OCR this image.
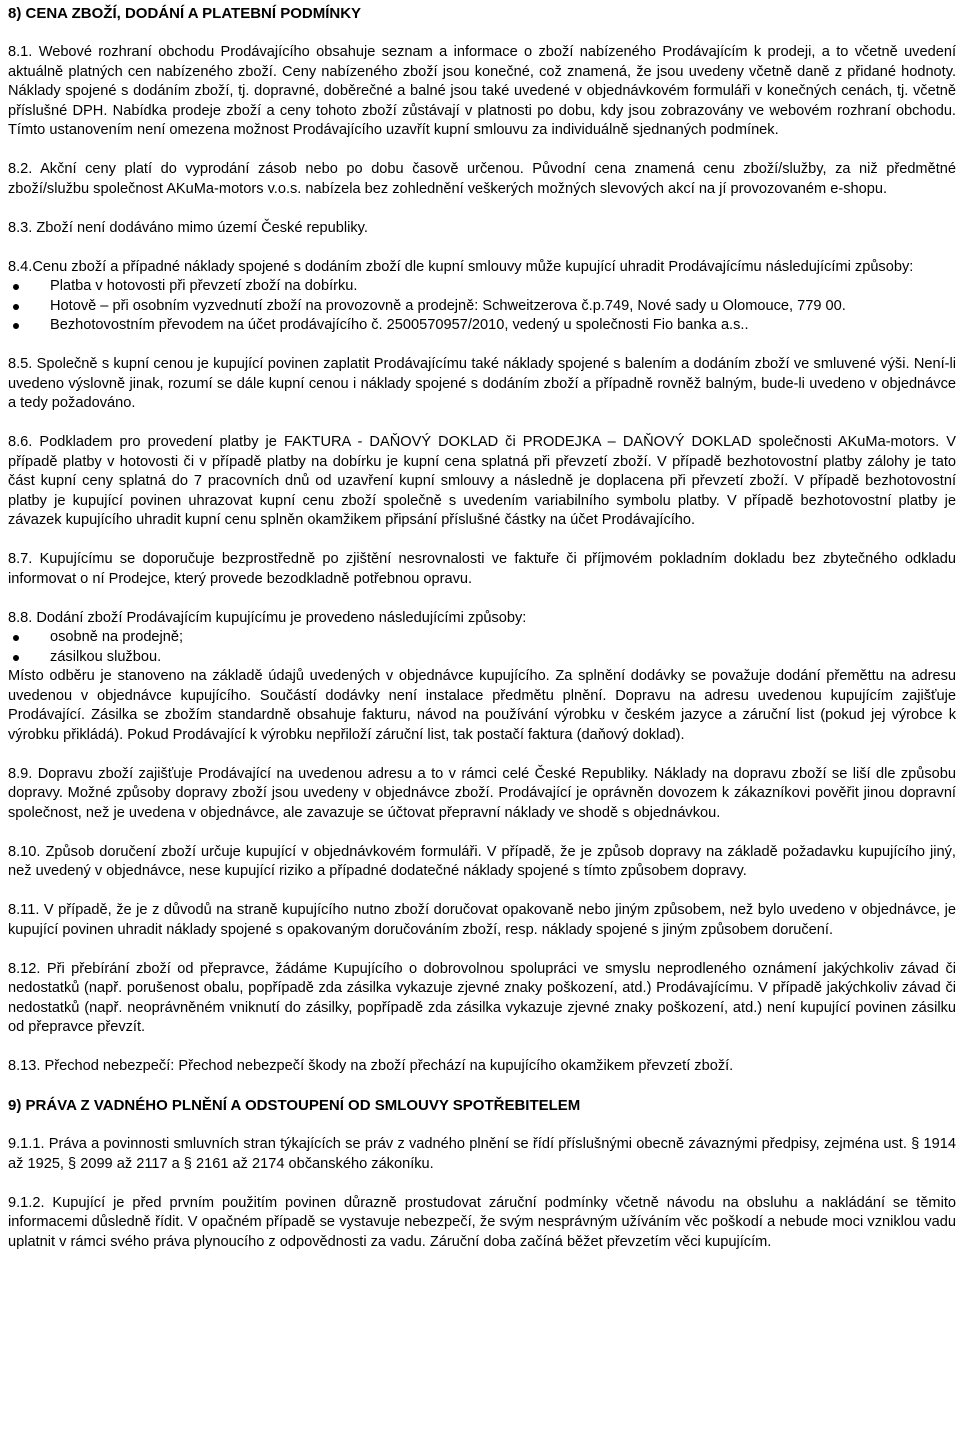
8) CENA ZBOŽÍ, DODÁNÍ A PLATEBNÍ PODMÍNKY

8.1. Webové rozhraní obchodu Prodávajícího obsahuje seznam a informace o zboží nabízeného Prodávajícím k prodeji, a to včetně uvedení aktuálně platných cen nabízeného zboží. Ceny nabízeného zboží jsou konečné, což znamená, že jsou uvedeny včetně daně z přidané hodnoty. Náklady spojené s dodáním zboží, tj. dopravné, doběrečné a balné jsou také uvedené v objednávkovém formuláři v konečných cenách, tj. včetně příslušné DPH. Nabídka prodeje zboží a ceny tohoto zboží zůstávají v platnosti po dobu, kdy jsou zobrazovány ve webovém rozhraní obchodu. Tímto ustanovením není omezena možnost Prodávajícího uzavřít kupní smlouvu za individuálně sjednaných podmínek.

8.2. Akční ceny platí do vyprodání zásob nebo po dobu časově určenou. Původní cena znamená cenu zboží/služby, za niž předmětné zboží/službu společnost AKuMa-motors v.o.s. nabízela bez zohlednění veškerých možných slevových akcí na jí provozovaném e-shopu.

8.3. Zboží není dodáváno mimo území České republiky.

8.4.Cenu zboží a případné náklady spojené s dodáním zboží dle kupní smlouvy může kupující uhradit Prodávajícímu následujícími způsoby:

Platba v hotovosti při převzetí zboží na dobírku.
Hotově – při osobním vyzvednutí zboží na provozovně a prodejně: Schweitzerova č.p.749, Nové sady u Olomouce, 779 00.
Bezhotovostním převodem na účet prodávajícího č. 2500570957/2010, vedený u společnosti Fio banka a.s..

8.5. Společně s kupní cenou je kupující povinen zaplatit Prodávajícímu také náklady spojené s balením a dodáním zboží ve smluvené výši. Není-li uvedeno výslovně jinak, rozumí se dále kupní cenou i náklady spojené s dodáním zboží a případně rovněž balným, bude-li uvedeno v objednávce a tedy požadováno.

8.6. Podkladem pro provedení platby je FAKTURA - DAŇOVÝ DOKLAD či PRODEJKA – DAŇOVÝ DOKLAD společnosti AKuMa-motors. V případě platby v hotovosti či v případě platby na dobírku je kupní cena splatná při převzetí zboží. V případě bezhotovostní platby zálohy je tato část kupní ceny splatná do 7 pracovních dnů od uzavření kupní smlouvy a následně je doplacena při převzetí zboží. V případě bezhotovostní platby je kupující povinen uhrazovat kupní cenu zboží společně s uvedením variabilního symbolu platby. V případě bezhotovostní platby je závazek kupujícího uhradit kupní cenu splněn okamžikem připsání příslušné částky na účet Prodávajícího.

8.7. Kupujícímu se doporučuje bezprostředně po zjištění nesrovnalosti ve faktuře či příjmovém pokladním dokladu bez zbytečného odkladu informovat o ní Prodejce, který provede bezodkladně potřebnou opravu.

8.8. Dodání zboží Prodávajícím kupujícímu je provedeno následujícími způsoby:

osobně na prodejně;
zásilkou službou.

Místo odběru je stanoveno na základě údajů uvedených v objednávce kupujícího. Za splnění dodávky se považuje dodání přeměttu na adresu uvedenou v objednávce kupujícího. Součástí dodávky není instalace předmětu plnění. Dopravu na adresu uvedenou kupujícím zajišťuje Prodávající. Zásilka se zbožím standardně obsahuje fakturu, návod na používání výrobku v českém jazyce a záruční list (pokud jej výrobce k výrobku přikládá). Pokud Prodávající k výrobku nepřiloží záruční list, tak postačí faktura (daňový doklad).

8.9. Dopravu zboží zajišťuje Prodávající na uvedenou adresu a to v rámci celé České Republiky. Náklady na dopravu zboží se liší dle způsobu dopravy. Možné způsoby dopravy zboží jsou uvedeny v objednávce zboží. Prodávající je oprávněn dovozem k zákazníkovi pověřit jinou dopravní společnost, než je uvedena v objednávce, ale zavazuje se účtovat přepravní náklady ve shodě s objednávkou.

8.10. Způsob doručení zboží určuje kupující v objednávkovém formuláři. V případě, že je způsob dopravy na základě požadavku kupujícího jiný, než uvedený v objednávce, nese kupující riziko a případné dodatečné náklady spojené s tímto způsobem dopravy.

8.11. V případě, že je z důvodů na straně kupujícího nutno zboží doručovat opakovaně nebo jiným způsobem, než bylo uvedeno v objednávce, je kupující povinen uhradit náklady spojené s opakovaným doručováním zboží, resp. náklady spojené s jiným způsobem doručení.

8.12. Při přebírání zboží od přepravce, žádáme Kupujícího o dobrovolnou spolupráci ve smyslu neprodleného oznámení jakýchkoliv závad či nedostatků (např. porušenost obalu, popřípadě zda zásilka vykazuje zjevné znaky poškození, atd.) Prodávajícímu. V případě jakýchkoliv závad či nedostatků (např. neoprávněném vniknutí do zásilky, popřípadě zda zásilka vykazuje zjevné znaky poškození, atd.) není kupující povinen zásilku od přepravce převzít.

8.13. Přechod nebezpečí: Přechod nebezpečí škody na zboží přechází na kupujícího okamžikem převzetí zboží.

9) PRÁVA Z VADNÉHO PLNĚNÍ A ODSTOUPENÍ OD SMLOUVY SPOTŘEBITELEM

9.1.1. Práva a povinnosti smluvních stran týkajících se práv z vadného plnění se řídí příslušnými obecně závaznými předpisy, zejména ust. § 1914 až 1925, § 2099 až 2117 a § 2161 až 2174 občanského zákoníku.

9.1.2. Kupující je před prvním použitím povinen důrazně prostudovat záruční podmínky včetně návodu na obsluhu a nakládání se těmito informacemi důsledně řídit. V opačném případě se vystavuje nebezpečí, že svým nesprávným užíváním věc poškodí a nebude moci vzniklou vadu uplatnit v rámci svého práva plynoucího z odpovědnosti za vadu. Záruční doba začíná běžet převzetím věci kupujícím.
